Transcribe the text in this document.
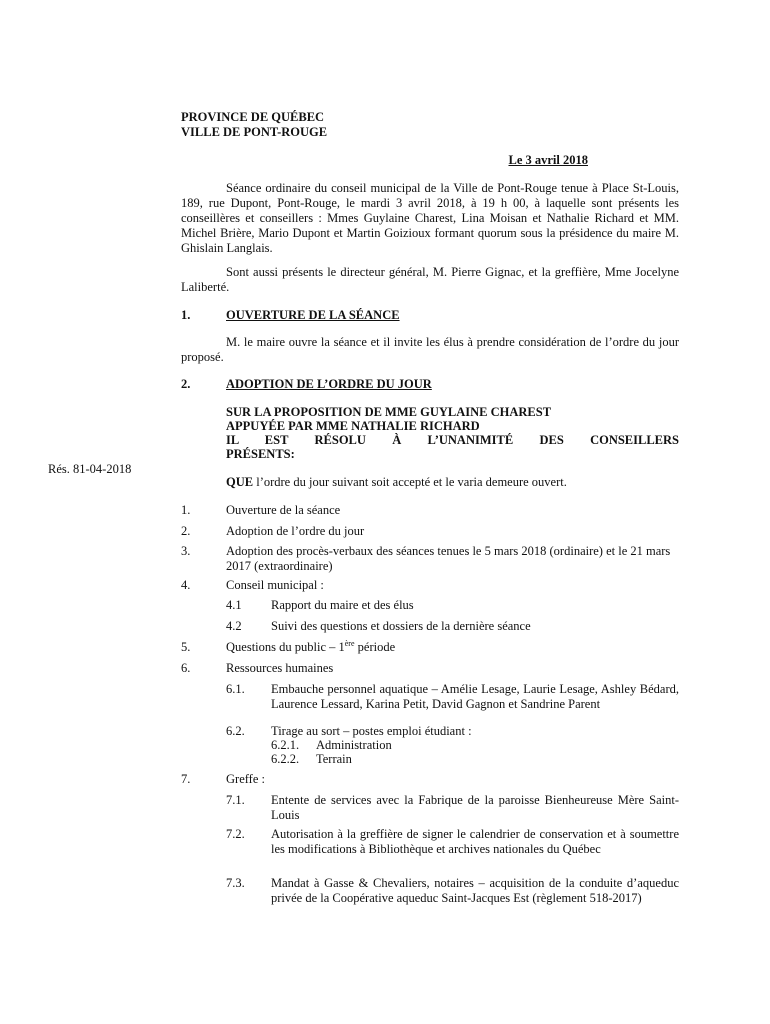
PROVINCE DE QUÉBEC
VILLE DE PONT-ROUGE
Le 3 avril 2018
Séance ordinaire du conseil municipal de la Ville de Pont-Rouge tenue à Place St-Louis, 189, rue Dupont, Pont-Rouge, le mardi 3 avril 2018, à 19 h 00, à laquelle sont présents les conseillères et conseillers : Mmes Guylaine Charest, Lina Moisan et Nathalie Richard et MM. Michel Brière, Mario Dupont et Martin Goizioux formant quorum sous la présidence du maire M. Ghislain Langlais.
Sont aussi présents le directeur général, M. Pierre Gignac, et la greffière, Mme Jocelyne Laliberté.
1.	OUVERTURE DE LA SÉANCE
M. le maire ouvre la séance et il invite les élus à prendre considération de l’ordre du jour proposé.
2.	ADOPTION DE L’ORDRE DU JOUR
SUR LA PROPOSITION DE MME GUYLAINE CHAREST
APPUYÉE PAR MME NATHALIE RICHARD
IL EST RÉSOLU À L’UNANIMITÉ DES CONSEILLERS
PRÉSENTS:
Rés. 81-04-2018
QUE l’ordre du jour suivant soit accepté et le varia demeure ouvert.
1.	Ouverture de la séance
2.	Adoption de l’ordre du jour
3.	Adoption des procès-verbaux des séances tenues le 5 mars 2018 (ordinaire) et le 21 mars 2017 (extraordinaire)
4.	Conseil municipal :
4.1 Rapport du maire et des élus
4.2 Suivi des questions et dossiers de la dernière séance
5.	Questions du public – 1ère période
6.	Ressources humaines
6.1. Embauche personnel aquatique – Amélie Lesage, Laurie Lesage, Ashley Bédard, Laurence Lessard, Karina Petit, David Gagnon et Sandrine Parent
6.2. Tirage au sort – postes emploi étudiant :
6.2.1. Administration
6.2.2. Terrain
7.	Greffe :
7.1. Entente de services avec la Fabrique de la paroisse Bienheureuse Mère Saint-Louis
7.2. Autorisation à la greffière de signer le calendrier de conservation et à soumettre les modifications à Bibliothèque et archives nationales du Québec
7.3. Mandat à Gasse & Chevaliers, notaires – acquisition de la conduite d’aqueduc privée de la Coopérative aqueduc Saint-Jacques Est (règlement 518-2017)
